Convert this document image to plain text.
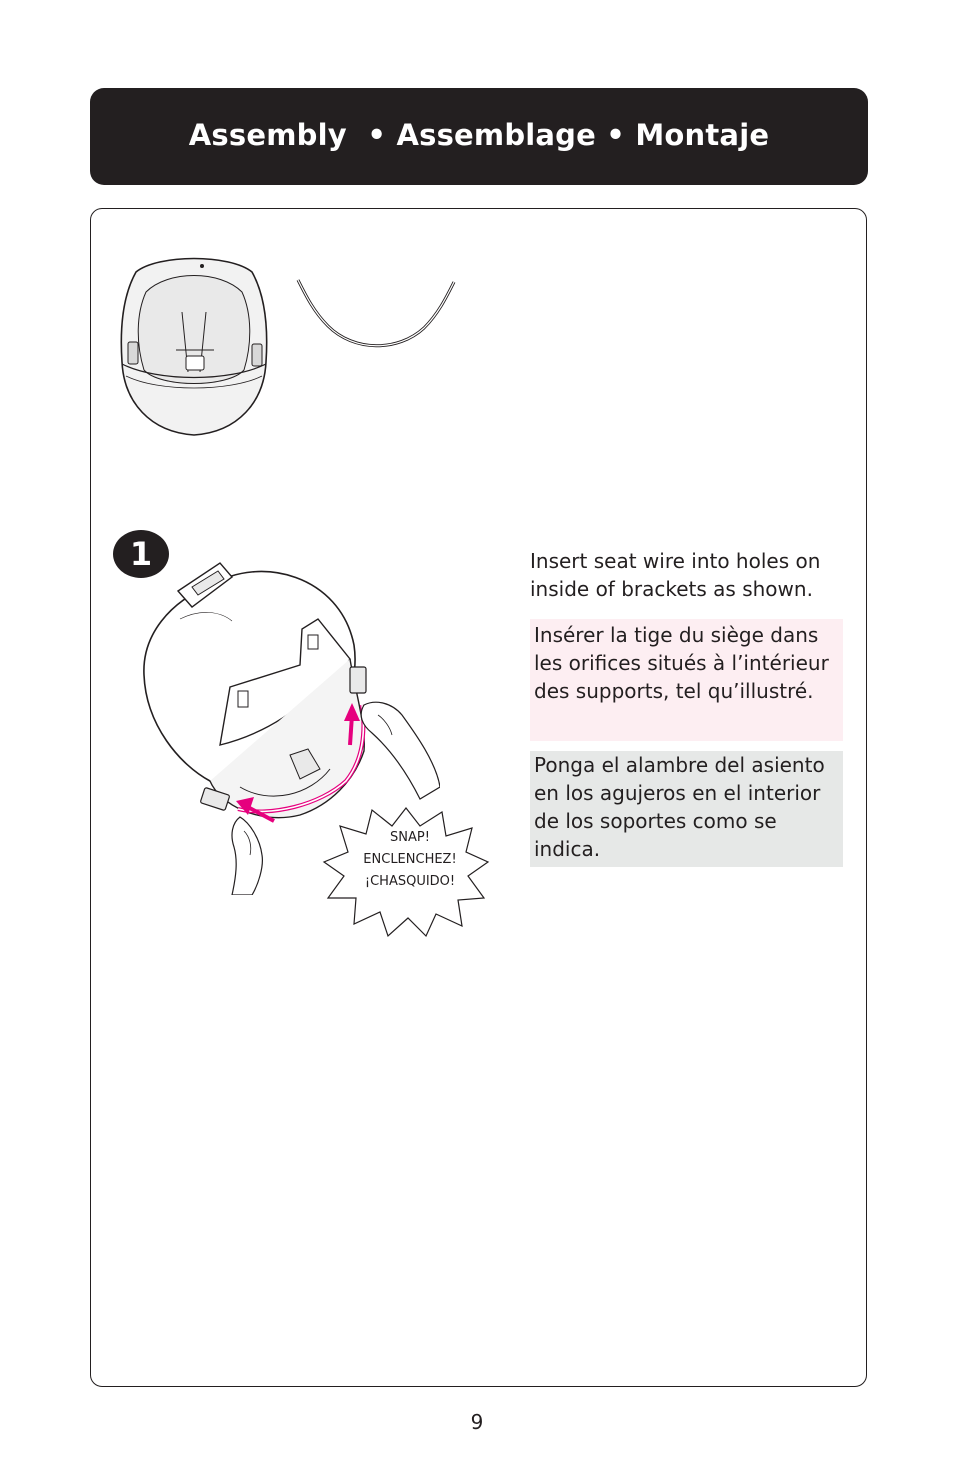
Assembly  • Assemblage • Montaje
1
SNAP!
ENCLENCHEZ!
¡CHASQUIDO!

Insert seat wire into holes on inside of brackets as shown.

Insérer la tige du siège dans les orifices situés à l’intérieur des supports, tel qu’illustré.

Ponga el alambre del asiento en los agujeros en el interior de los soportes como se indica.

9
